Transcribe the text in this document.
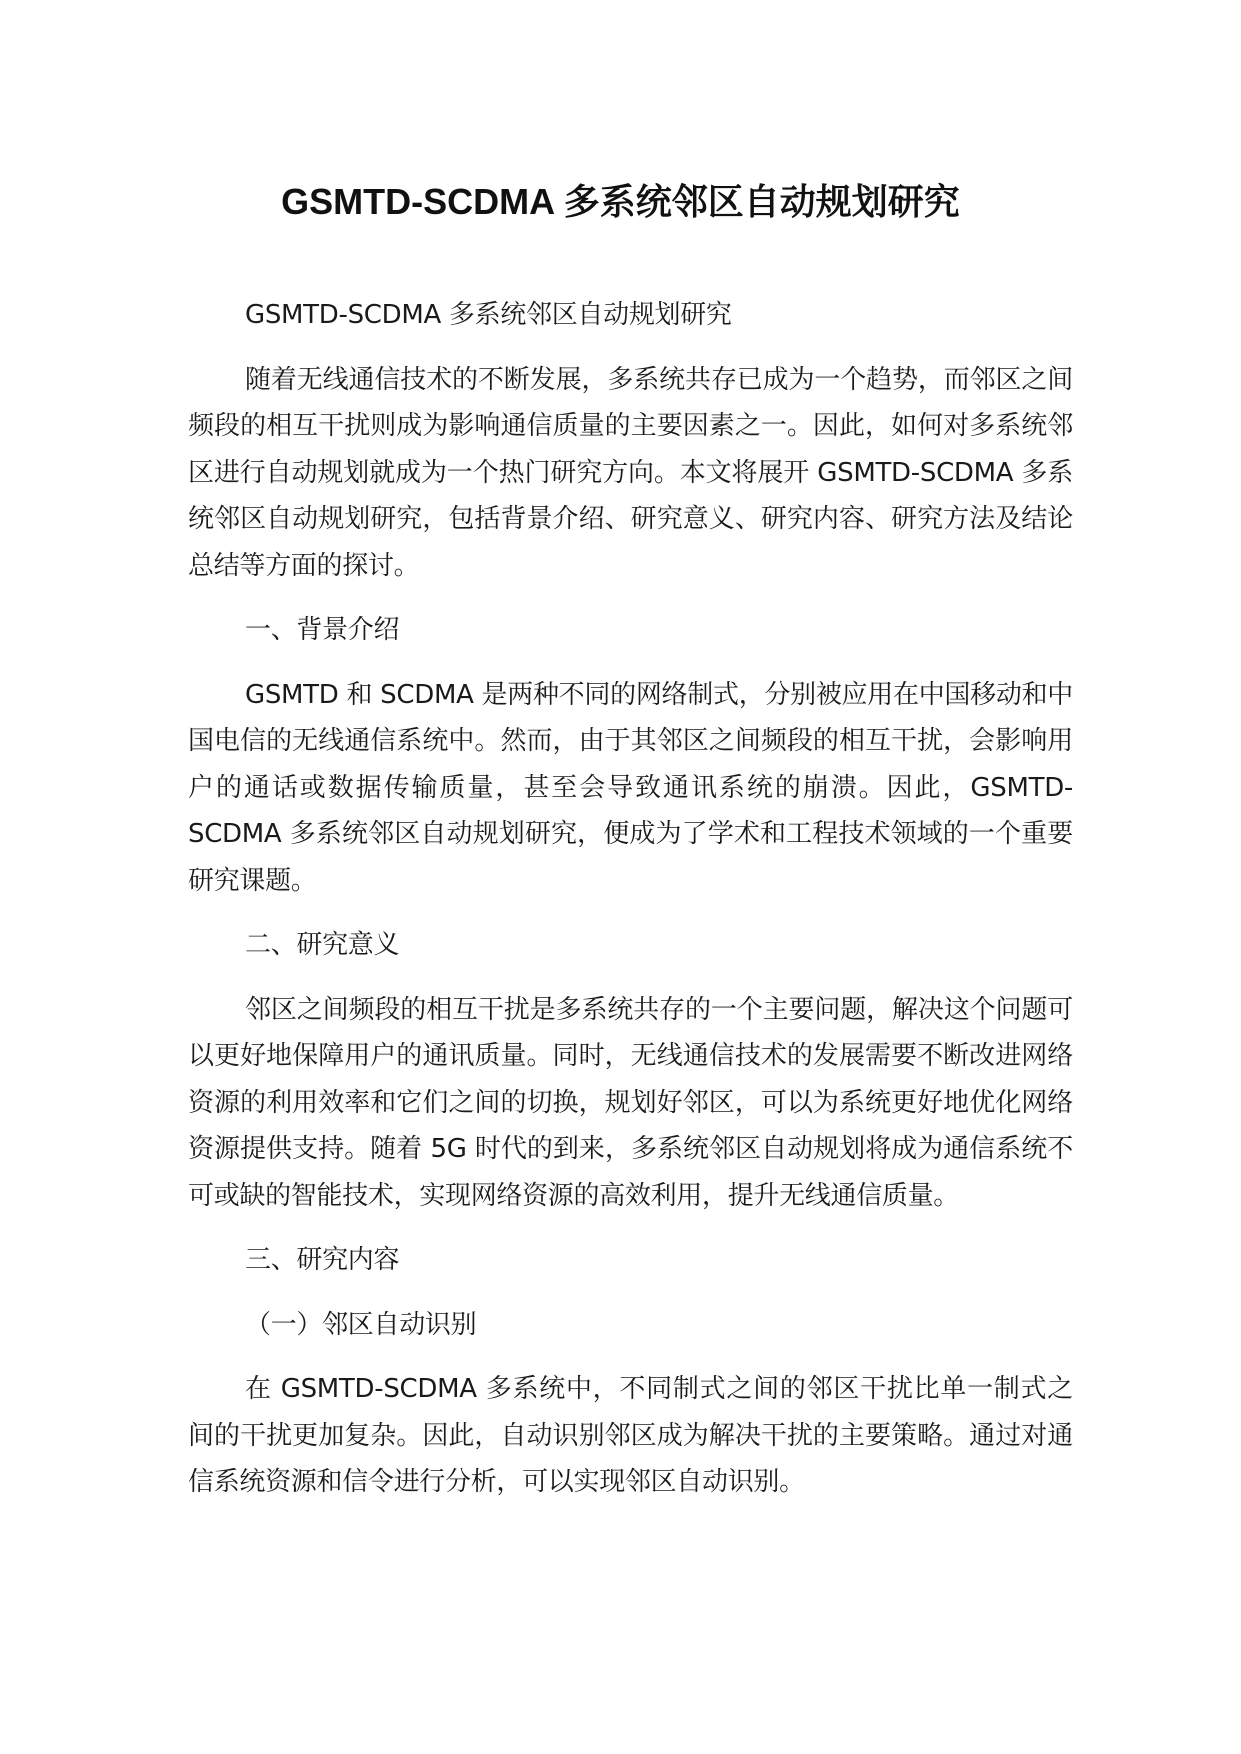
GSMTD-SCDMA 多系统邻区自动规划研究

GSMTD-SCDMA 多系统邻区自动规划研究

随着无线通信技术的不断发展，多系统共存已成为一个趋势，而邻区之间频段的相互干扰则成为影响通信质量的主要因素之一。因此，如何对多系统邻区进行自动规划就成为一个热门研究方向。本文将展开 GSMTD-SCDMA 多系统邻区自动规划研究，包括背景介绍、研究意义、研究内容、研究方法及结论总结等方面的探讨。

一、背景介绍

GSMTD 和 SCDMA 是两种不同的网络制式，分别被应用在中国移动和中国电信的无线通信系统中。然而，由于其邻区之间频段的相互干扰，会影响用户的通话或数据传输质量，甚至会导致通讯系统的崩溃。因此，GSMTD-SCDMA 多系统邻区自动规划研究，便成为了学术和工程技术领域的一个重要研究课题。

二、研究意义

邻区之间频段的相互干扰是多系统共存的一个主要问题，解决这个问题可以更好地保障用户的通讯质量。同时，无线通信技术的发展需要不断改进网络资源的利用效率和它们之间的切换，规划好邻区，可以为系统更好地优化网络资源提供支持。随着 5G 时代的到来，多系统邻区自动规划将成为通信系统不可或缺的智能技术，实现网络资源的高效利用，提升无线通信质量。

三、研究内容

（一）邻区自动识别

在 GSMTD-SCDMA 多系统中，不同制式之间的邻区干扰比单一制式之间的干扰更加复杂。因此，自动识别邻区成为解决干扰的主要策略。通过对通信系统资源和信令进行分析，可以实现邻区自动识别。
